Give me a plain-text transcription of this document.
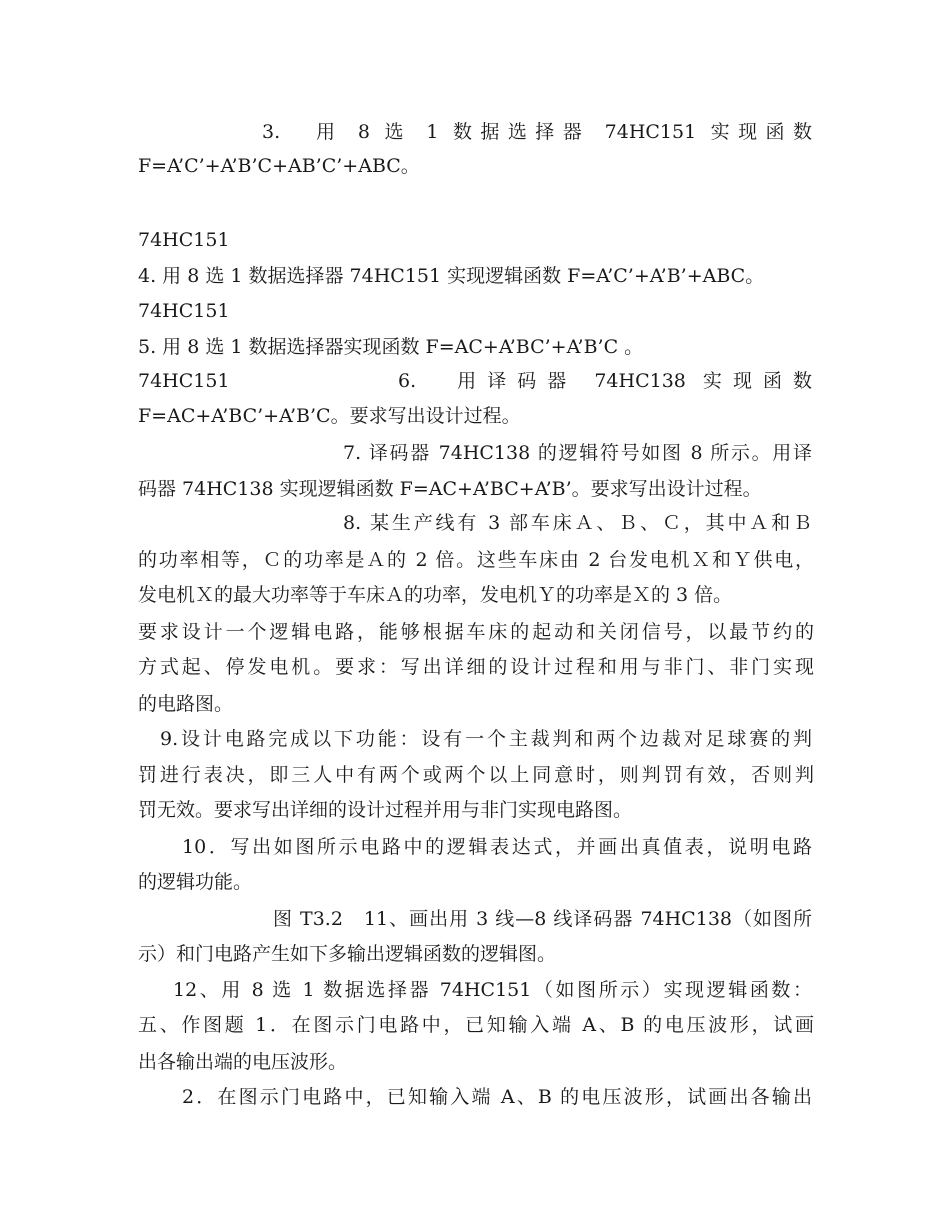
3.　用 8 选 1 数据选择器 74HC151 实现函数
F=A’C’+A’B’C+AB’C’+ABC。
74HC151
4. 用 8 选 1 数据选择器 74HC151 实现逻辑函数 F=A’C’+A’B’+ABC。
74HC151
5. 用 8 选 1 数据选择器实现函数 F=AC+A’BC’+A’B’C 。
74HC151	6.　用译码器 74HC138 实现函数
F=AC+A’BC’+A’B’C。要求写出设计过程。
7. 译码器 74HC138 的逻辑符号如图 8 所示。用译
码器 74HC138 实现逻辑函数 F=AC+A’BC+A’B’。要求写出设计过程。
8. 某生产线有 3 部车床Ａ、Ｂ、Ｃ，其中Ａ和Ｂ
的功率相等，Ｃ的功率是Ａ的 2 倍。这些车床由 2 台发电机Ｘ和Ｙ供电，
发电机Ｘ的最大功率等于车床Ａ的功率，发电机Ｙ的功率是Ｘ的 3 倍。
要求设计一个逻辑电路，能够根据车床的起动和关闭信号，以最节约的
方式起、停发电机。要求：写出详细的设计过程和用与非门、非门实现
的电路图。
9.设计电路完成以下功能：设有一个主裁判和两个边裁对足球赛的判
罚进行表决，即三人中有两个或两个以上同意时，则判罚有效，否则判
罚无效。要求写出详细的设计过程并用与非门实现电路图。
10．写出如图所示电路中的逻辑表达式，并画出真值表，说明电路
的逻辑功能。
图 T3.2　11、画出用 3 线—8 线译码器 74HC138（如图所
示）和门电路产生如下多输出逻辑函数的逻辑图。
12、用 8 选 1 数据选择器 74HC151（如图所示）实现逻辑函数：
五、作图题 1．在图示门电路中，已知输入端 A、B 的电压波形，试画
出各输出端的电压波形。
2．在图示门电路中，已知输入端 A、B 的电压波形，试画出各输出
